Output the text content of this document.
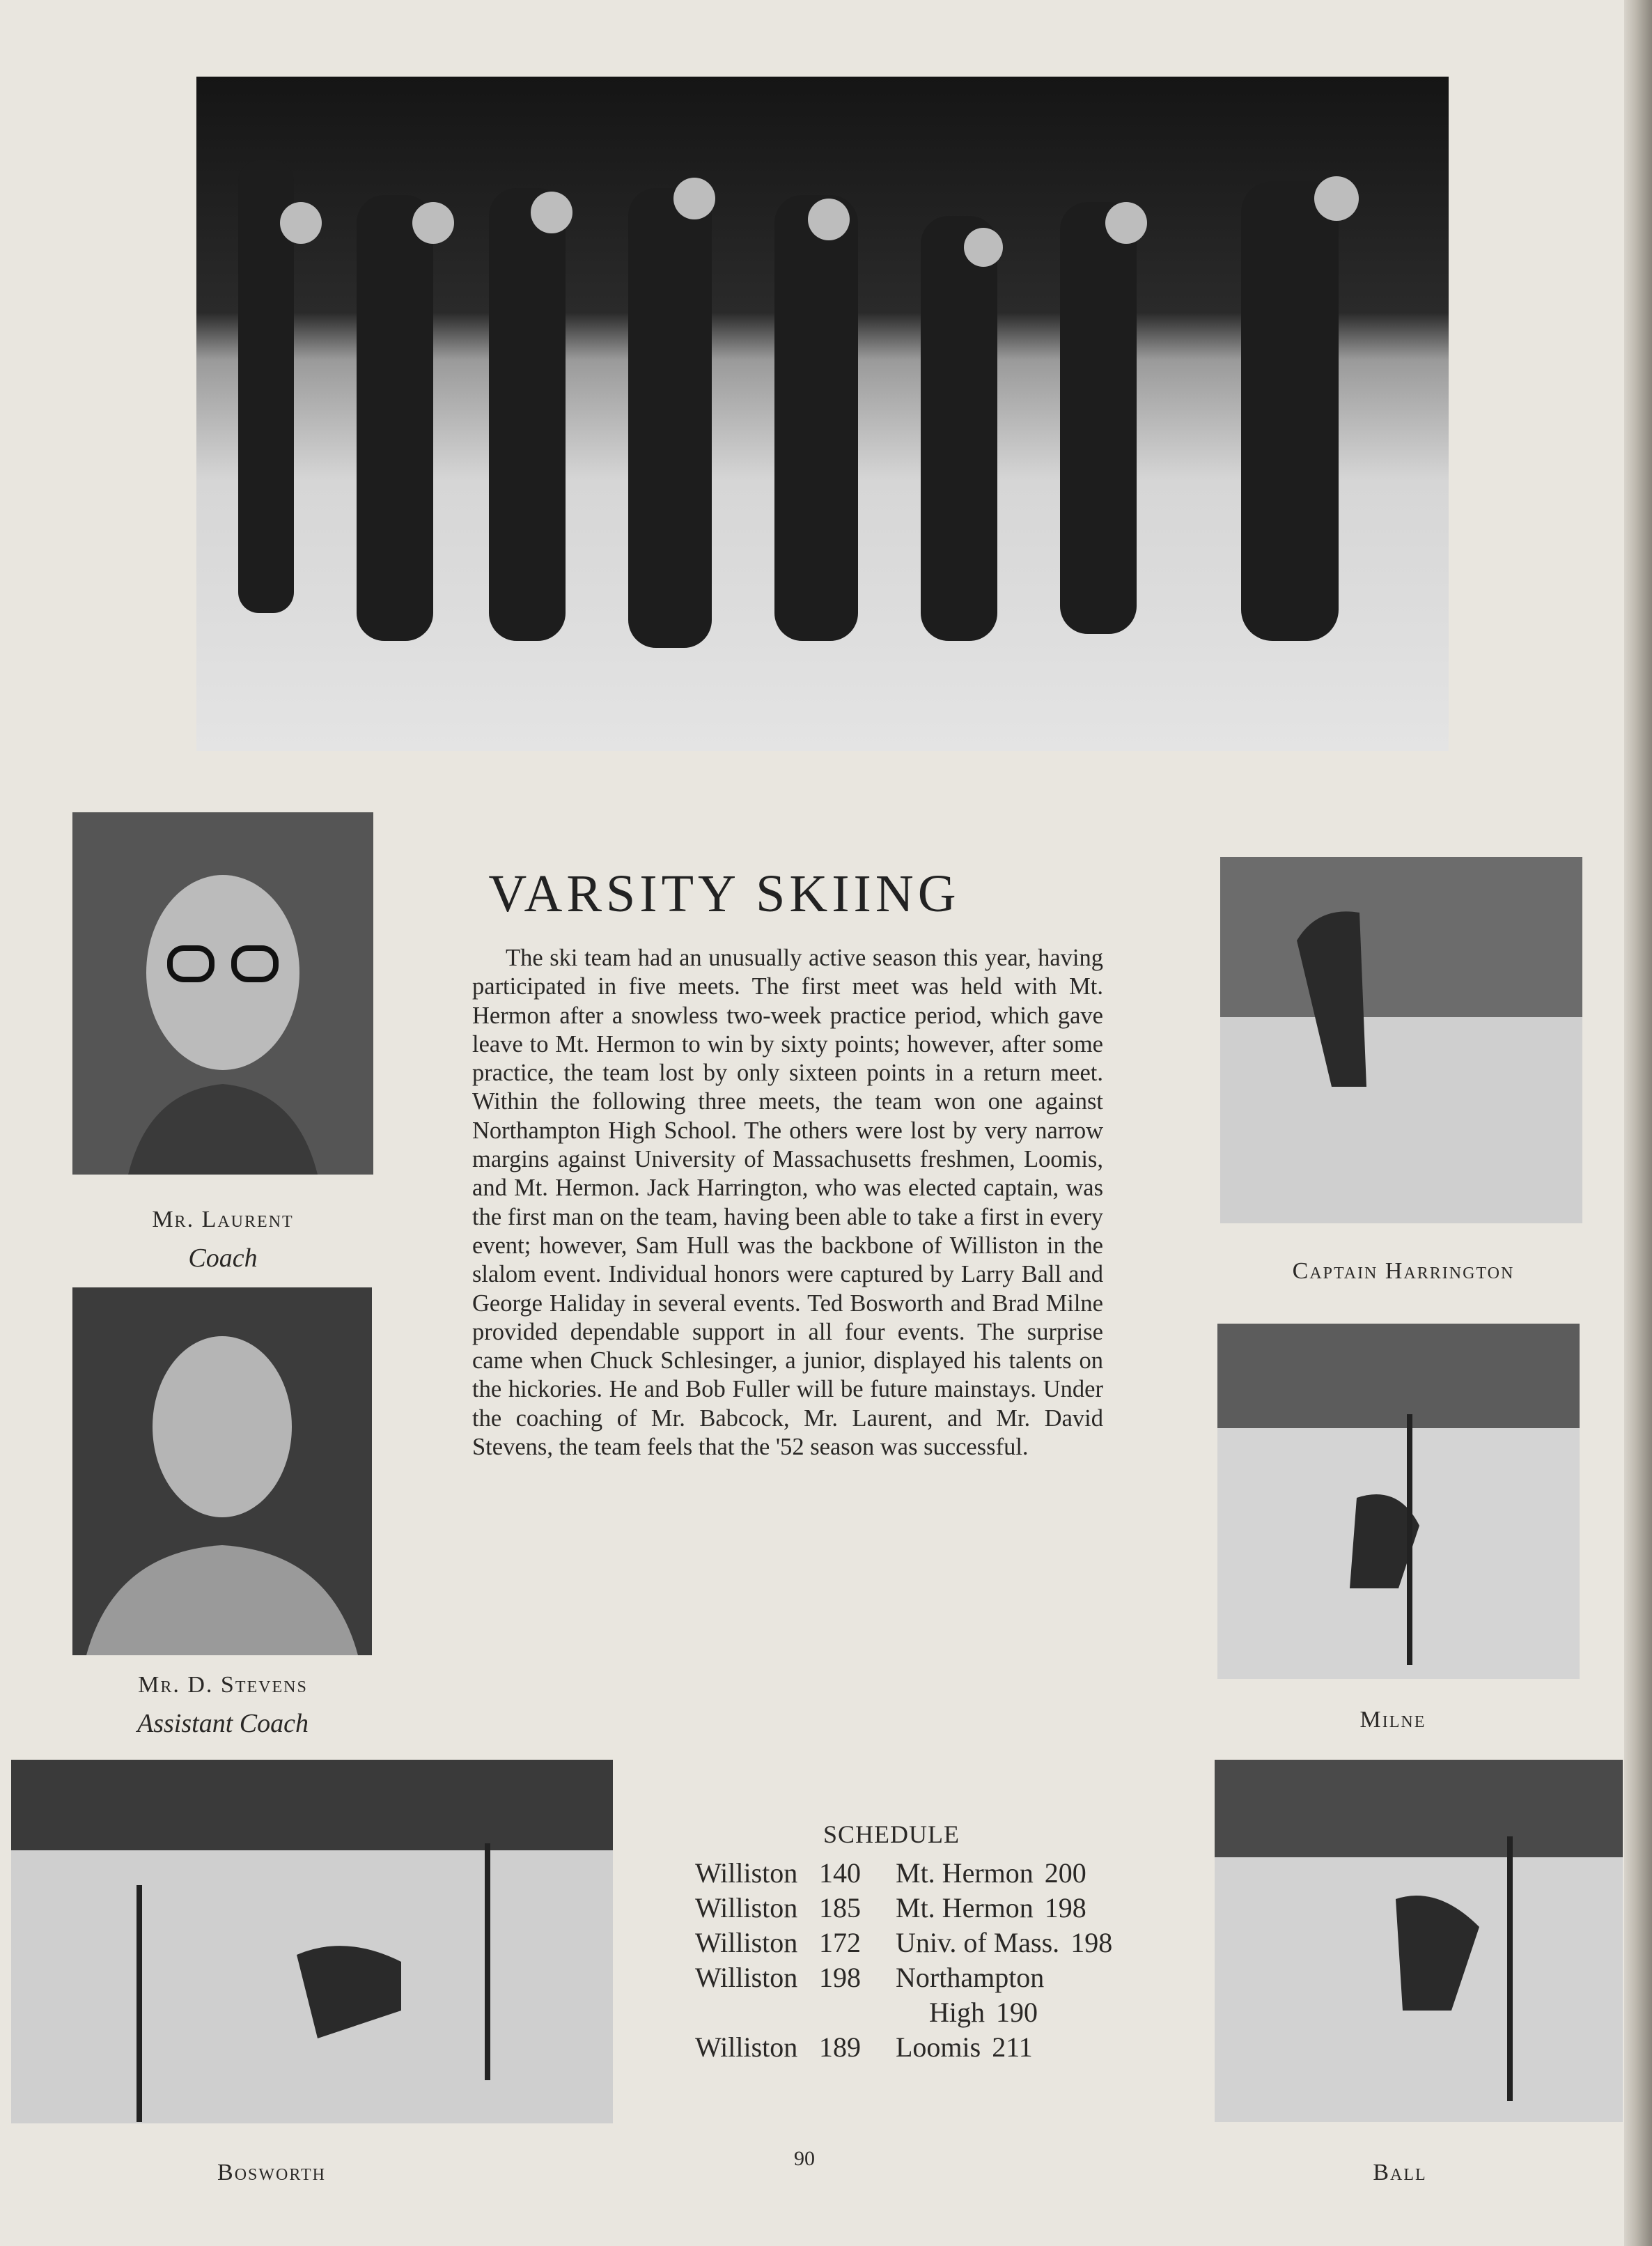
Mr. Laurent
Coach
Mr. D. Stevens
Assistant Coach
VARSITY SKIING

The ski team had an unusually active season this year, having participated in five meets. The first meet was held with Mt. Hermon after a snowless two-week practice period, which gave leave to Mt. Hermon to win by sixty points; however, after some practice, the team lost by only sixteen points in a return meet. Within the following three meets, the team won one against Northampton High School. The others were lost by very narrow margins against University of Massachusetts freshmen, Loomis, and Mt. Hermon. Jack Harrington, who was elected captain, was the first man on the team, having been able to take a first in every event; however, Sam Hull was the backbone of Williston in the slalom event. Individual honors were captured by Larry Ball and George Haliday in several events. Ted Bosworth and Brad Milne provided dependable support in all four events. The surprise came when Chuck Schlesinger, a junior, displayed his talents on the hickories. He and Bob Fuller will be future mainstays. Under the coaching of Mr. Babcock, Mr. Laurent, and Mr. David Stevens, the team feels that the '52 season was successful.

Captain Harrington
Milne
Bosworth
SCHEDULE
Williston	140	Mt. Hermon 200
Williston	185	Mt. Hermon 198
Williston	172	Univ. of Mass. 198
Williston	198	Northampton
		High 190
Williston	189	Loomis 211
Ball
90
